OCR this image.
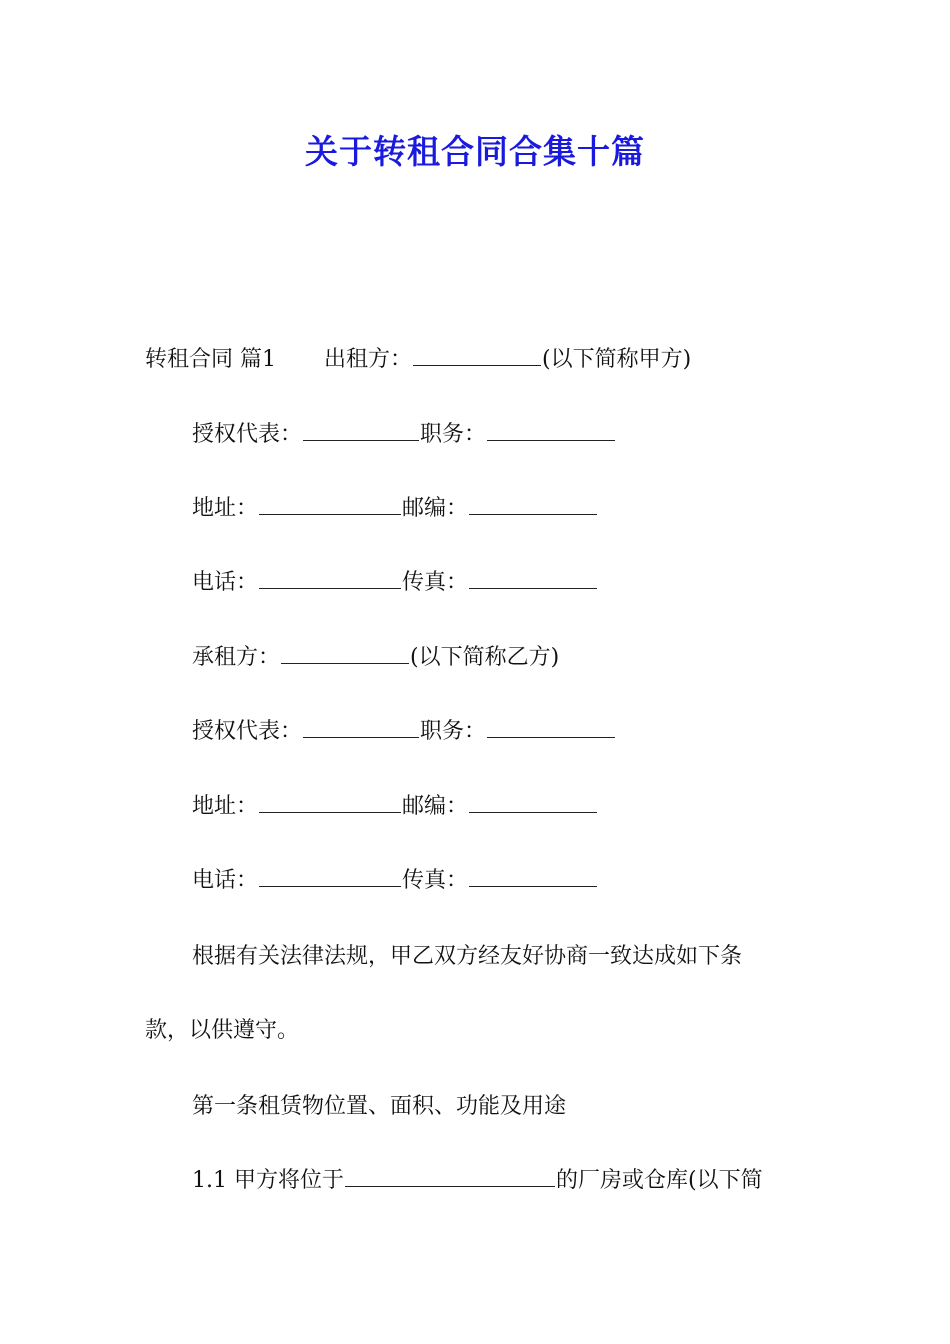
关于转租合同合集十篇
转租合同 篇1 出租方：	(以下简称甲方)
授权代表：	职务：
地址：	邮编：
电话：	传真：
承租方：	(以下简称乙方)
授权代表：	职务：
地址：	邮编：
电话：	传真：
根据有关法律法规，甲乙双方经友好协商一致达成如下条
款，以供遵守。
第一条租赁物位置、面积、功能及用途
1.1 甲方将位于	的厂房或仓库(以下简
